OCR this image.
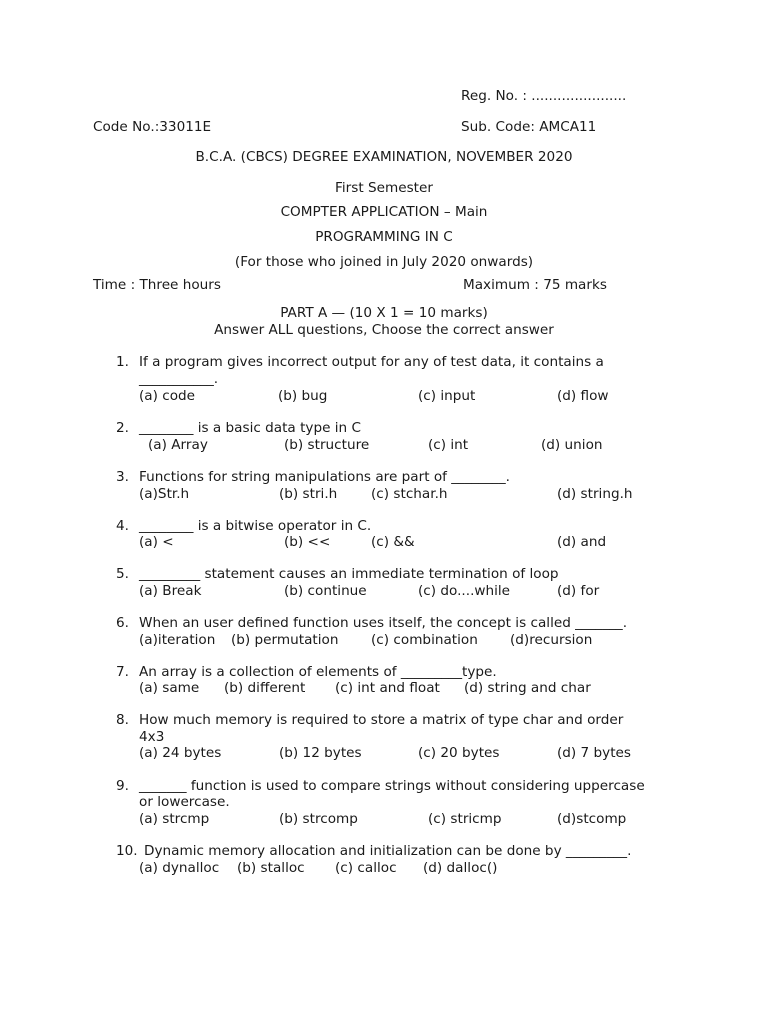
Reg. No. : ......................
Code No.:33011E	Sub. Code: AMCA11
B.C.A. (CBCS) DEGREE EXAMINATION, NOVEMBER 2020
First Semester
COMPTER APPLICATION – Main
PROGRAMMING IN C
(For those who joined in July 2020 onwards)
Time : Three hours	Maximum : 75 marks
PART A — (10 X 1 = 10 marks)
Answer ALL questions, Choose the correct answer
1. If a program gives incorrect output for any of test data, it contains a
___________.
(a) code	(b) bug	(c) input	(d) flow
2. ________ is a basic data type in C
(a) Array	(b) structure	(c) int	(d) union
3. Functions for string manipulations are part of ________.
(a)Str.h	(b) stri.h (c) stchar.h	(d) string.h
4. ________ is a bitwise operator in C.
(a) <	(b) <<	(c) &&	(d) and
5. _________ statement causes an immediate termination of loop
(a) Break	(b) continue	(c) do....while	(d) for
6. When an user defined function uses itself, the concept is called _______.
(a)iteration (b) permutation (c) combination (d)recursion
7. An array is a collection of elements of _________type.
(a) same (b) different (c) int and float (d) string and char
8. How much memory is required to store a matrix of type char and order
4x3
(a) 24 bytes	(b) 12 bytes	(c) 20 bytes	(d) 7 bytes
9. _______ function is used to compare strings without considering uppercase
or lowercase.
(a) strcmp	(b) strcomp	(c) stricmp	(d)stcomp
10. Dynamic memory allocation and initialization can be done by _________.
(a) dynalloc (b) stalloc (c) calloc (d) dalloc()
